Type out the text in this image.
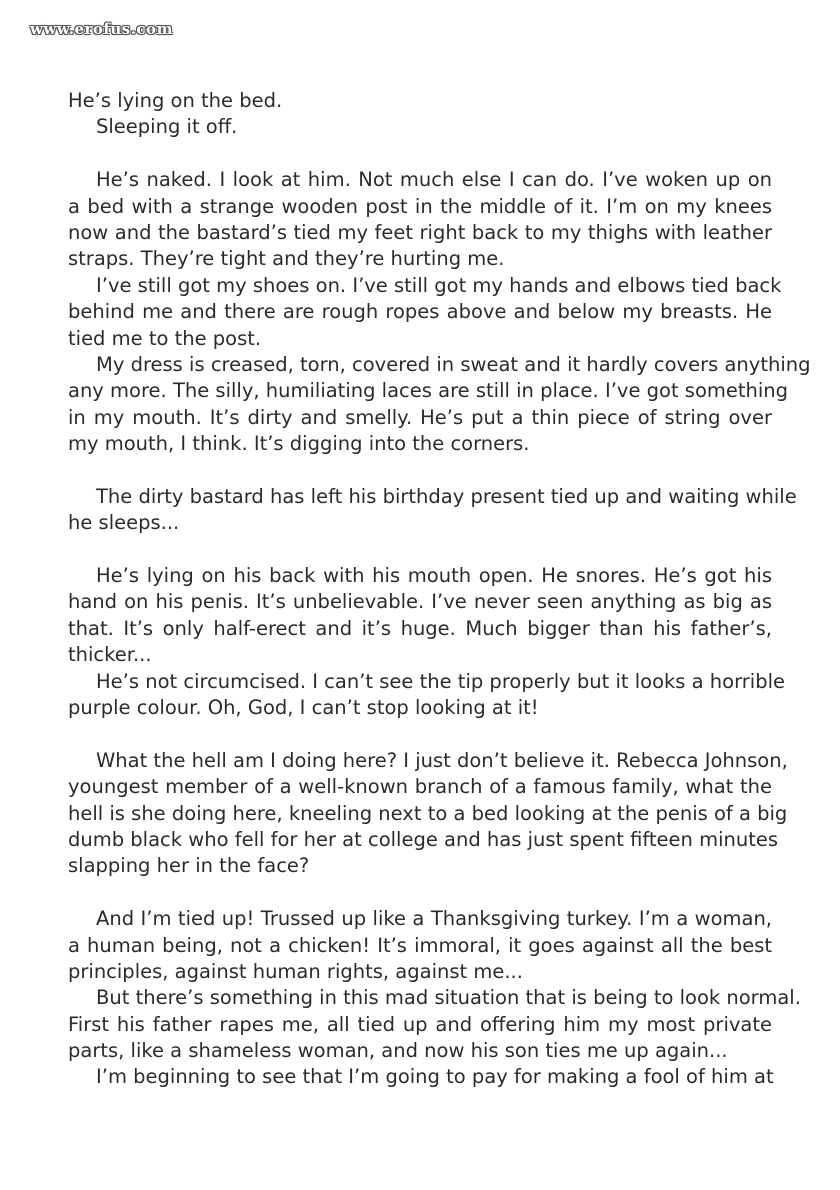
www.erofus.com
He’s lying on the bed.
Sleeping it off.
He’s naked. I look at him. Not much else I can do. I’ve woken up on
a bed with a strange wooden post in the middle of it. I’m on my knees
now and the bastard’s tied my feet right back to my thighs with leather
straps. They’re tight and they’re hurting me.
I’ve still got my shoes on. I’ve still got my hands and elbows tied back
behind me and there are rough ropes above and below my breasts. He
tied me to the post.
My dress is creased, torn, covered in sweat and it hardly covers anything
any more. The silly, humiliating laces are still in place. I’ve got something
in my mouth. It’s dirty and smelly. He’s put a thin piece of string over
my mouth, I think. It’s digging into the corners.
The dirty bastard has left his birthday present tied up and waiting while
he sleeps...
He’s lying on his back with his mouth open. He snores. He’s got his
hand on his penis. It’s unbelievable. I’ve never seen anything as big as
that. It’s only half-erect and it’s huge. Much bigger than his father’s,
thicker...
He’s not circumcised. I can’t see the tip properly but it looks a horrible
purple colour. Oh, God, I can’t stop looking at it!
What the hell am I doing here? I just don’t believe it. Rebecca Johnson,
youngest member of a well-known branch of a famous family, what the
hell is she doing here, kneeling next to a bed looking at the penis of a big
dumb black who fell for her at college and has just spent fifteen minutes
slapping her in the face?
And I’m tied up! Trussed up like a Thanksgiving turkey. I’m a woman,
a human being, not a chicken! It’s immoral, it goes against all the best
principles, against human rights, against me...
But there’s something in this mad situation that is being to look normal.
First his father rapes me, all tied up and offering him my most private
parts, like a shameless woman, and now his son ties me up again...
I’m beginning to see that I’m going to pay for making a fool of him at
